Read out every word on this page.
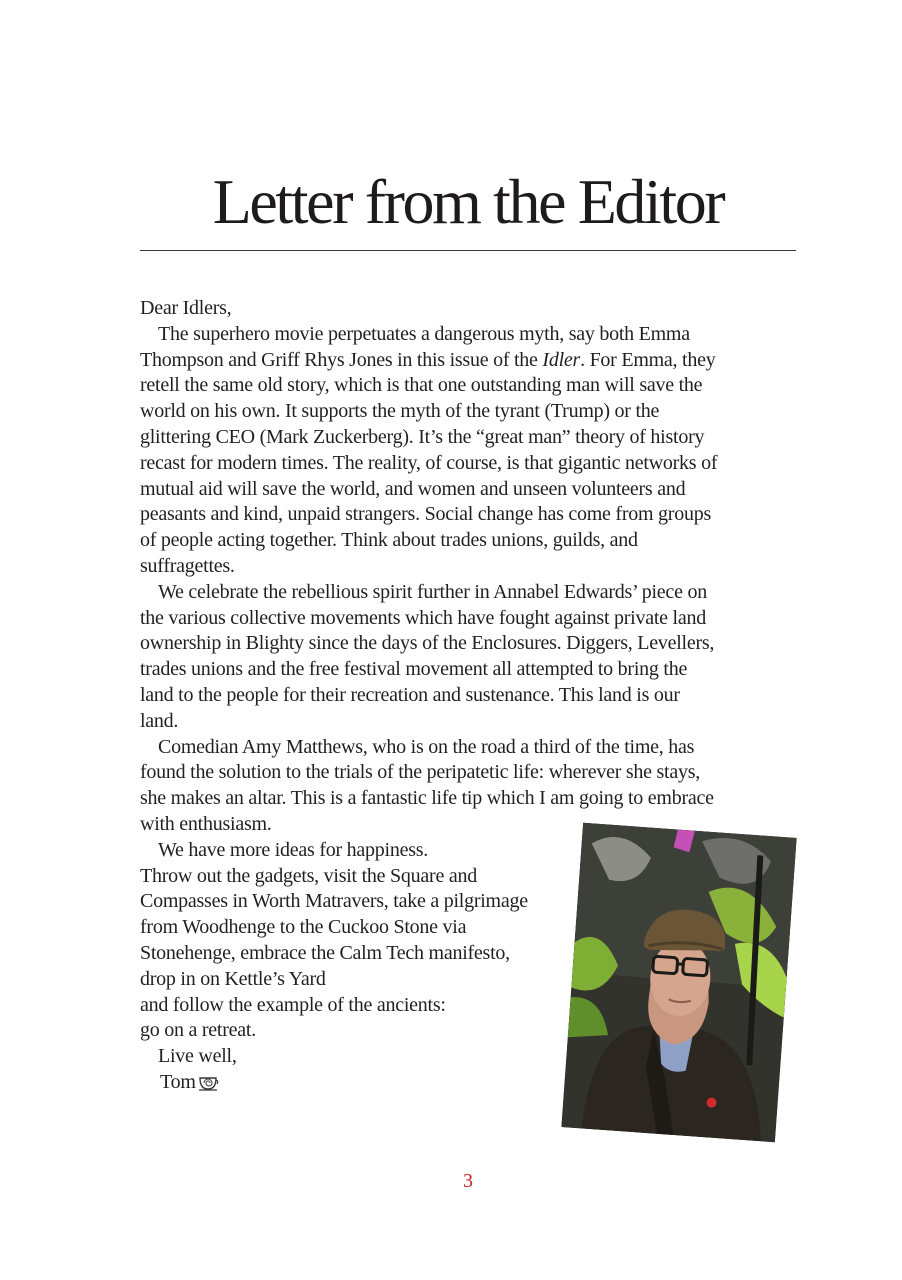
Letter from the Editor
Dear Idlers,
The superhero movie perpetuates a dangerous myth, say both Emma
Thompson and Griff Rhys Jones in this issue of the Idler. For Emma, they
retell the same old story, which is that one outstanding man will save the
world on his own. It supports the myth of the tyrant (Trump) or the
glittering CEO (Mark Zuckerberg). It’s the “great man” theory of history
recast for modern times. The reality, of course, is that gigantic networks of
mutual aid will save the world, and women and unseen volunteers and
peasants and kind, unpaid strangers. Social change has come from groups
of people acting together. Think about trades unions, guilds, and
suffragettes.
We celebrate the rebellious spirit further in Annabel Edwards’ piece on
the various collective movements which have fought against private land
ownership in Blighty since the days of the Enclosures. Diggers, Levellers,
trades unions and the free festival movement all attempted to bring the
land to the people for their recreation and sustenance. This land is our
land.
Comedian Amy Matthews, who is on the road a third of the time, has
found the solution to the trials of the peripatetic life: wherever she stays,
she makes an altar. This is a fantastic life tip which I am going to embrace
with enthusiasm.
We have more ideas for happiness.
Throw out the gadgets, visit the Square and
Compasses in Worth Matravers, take a pilgrimage
from Woodhenge to the Cuckoo Stone via
Stonehenge, embrace the Calm Tech manifesto,
drop in on Kettle’s Yard
and follow the example of the ancients:
go on a retreat.
Live well,
Tom
3
